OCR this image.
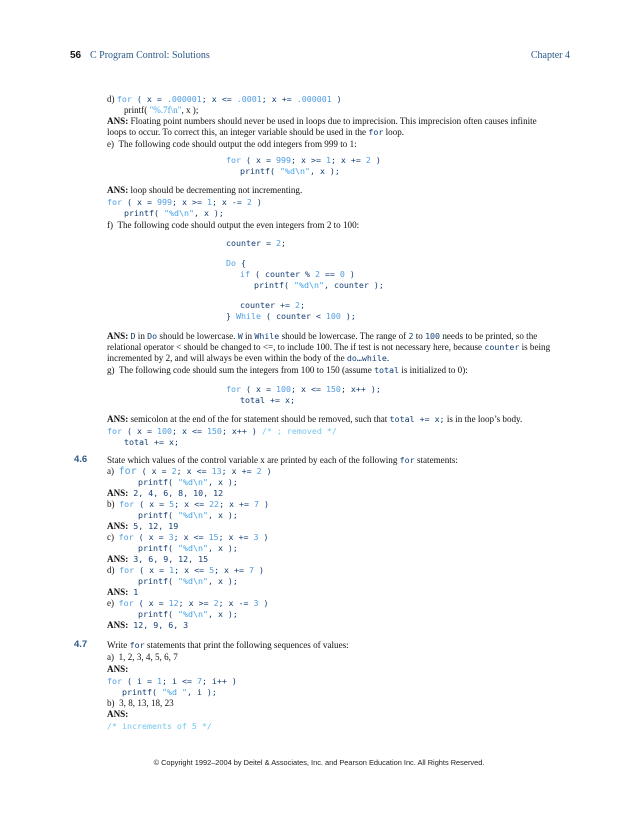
56 C Program Control: Solutions	Chapter 4
d) for ( x = .000001; x <= .0001; x += .000001 )
printf( "%.7f\n", x );
ANS: Floating point numbers should never be used in loops due to imprecision. This imprecision often causes infinite
loops to occur. To correct this, an integer variable should be used in the for loop.
e) The following code should output the odd integers from 999 to 1:
for ( x = 999; x >= 1; x += 2 )
printf( "%d\n", x );
ANS: loop should be decrementing not incrementing.
for ( x = 999; x >= 1; x -= 2 )
printf( "%d\n", x );
f) The following code should output the even integers from 2 to 100:
counter = 2;
Do {
if ( counter % 2 == 0 )
printf( "%d\n", counter );
counter += 2;
} While ( counter < 100 );
ANS: D in Do should be lowercase. W in While should be lowercase. The range of 2 to 100 needs to be printed, so the
relational operator < should be changed to <=, to include 100. The if test is not necessary here, because counter is being
incremented by 2, and will always be even within the body of the do…while.
g) The following code should sum the integers from 100 to 150 (assume total is initialized to 0):
for ( x = 100; x <= 150; x++ );
total += x;
ANS: semicolon at the end of the for statement should be removed, such that total += x; is in the loop’s body.
for ( x = 100; x <= 150; x++ ) /* ; removed */
total += x;
4.6 State which values of the control variable x are printed by each of the following for statements:
a) for ( x = 2; x <= 13; x += 2 )
printf( "%d\n", x );
ANS: 2, 4, 6, 8, 10, 12
b) for ( x = 5; x <= 22; x += 7 )
printf( "%d\n", x );
ANS: 5, 12, 19
c) for ( x = 3; x <= 15; x += 3 )
printf( "%d\n", x );
ANS: 3, 6, 9, 12, 15
d) for ( x = 1; x <= 5; x += 7 )
printf( "%d\n", x );
ANS: 1
e) for ( x = 12; x >= 2; x -= 3 )
printf( "%d\n", x );
ANS: 12, 9, 6, 3
4.7 Write for statements that print the following sequences of values:
a) 1, 2, 3, 4, 5, 6, 7
ANS:
for ( i = 1; i <= 7; i++ )
printf( "%d ", i );
b) 3, 8, 13, 18, 23
ANS:
/* increments of 5 */
© Copyright 1992–2004 by Deitel & Associates, Inc. and Pearson Education Inc. All Rights Reserved.
